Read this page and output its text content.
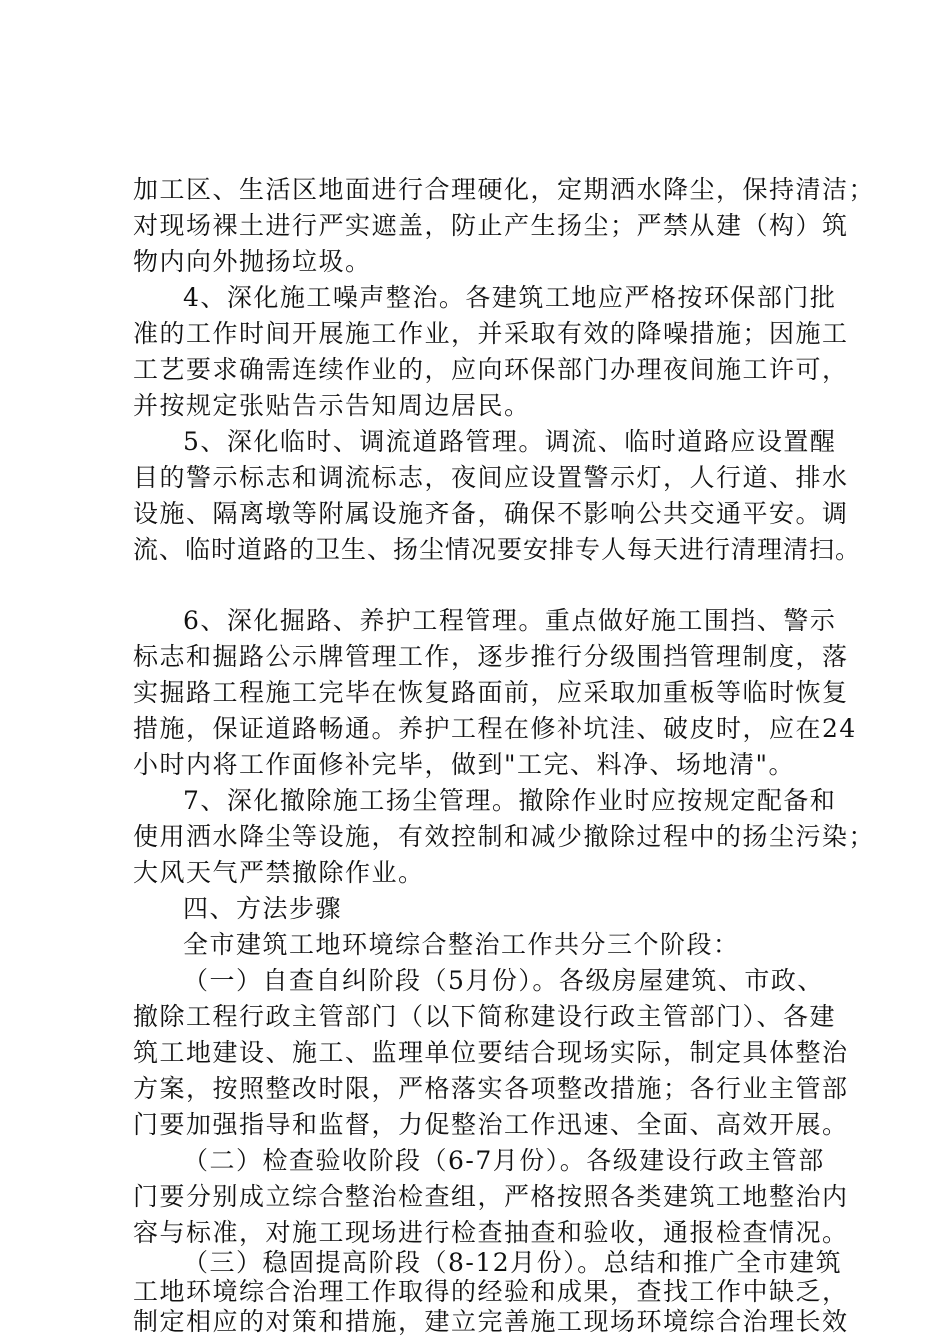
加工区、生活区地面进行合理硬化，定期洒水降尘，保持清洁；
对现场裸土进行严实遮盖，防止产生扬尘；严禁从建（构）筑
物内向外抛扬垃圾。
4、深化施工噪声整治。各建筑工地应严格按环保部门批
准的工作时间开展施工作业，并采取有效的降噪措施；因施工
工艺要求确需连续作业的，应向环保部门办理夜间施工许可，
并按规定张贴告示告知周边居民。
5、深化临时、调流道路管理。调流、临时道路应设置醒
目的警示标志和调流标志，夜间应设置警示灯，人行道、排水
设施、隔离墩等附属设施齐备，确保不影响公共交通平安。调
流、临时道路的卫生、扬尘情况要安排专人每天进行清理清扫。
6、深化掘路、养护工程管理。重点做好施工围挡、警示
标志和掘路公示牌管理工作，逐步推行分级围挡管理制度，落
实掘路工程施工完毕在恢复路面前，应采取加重板等临时恢复
措施，保证道路畅通。养护工程在修补坑洼、破皮时，应在24
小时内将工作面修补完毕，做到"工完、料净、场地清"。
7、深化撤除施工扬尘管理。撤除作业时应按规定配备和
使用洒水降尘等设施，有效控制和减少撤除过程中的扬尘污染；
大风天气严禁撤除作业。
四、方法步骤
全市建筑工地环境综合整治工作共分三个阶段：
（一）自查自纠阶段（5月份）。各级房屋建筑、市政、
撤除工程行政主管部门（以下简称建设行政主管部门）、各建
筑工地建设、施工、监理单位要结合现场实际，制定具体整治
方案，按照整改时限，严格落实各项整改措施；各行业主管部
门要加强指导和监督，力促整治工作迅速、全面、高效开展。
（二）检查验收阶段（6-7月份）。各级建设行政主管部
门要分别成立综合整治检查组，严格按照各类建筑工地整治内
容与标准，对施工现场进行检查抽查和验收，通报检查情况。
（三）稳固提高阶段（8-12月份）。总结和推广全市建筑
工地环境综合治理工作取得的经验和成果，查找工作中缺乏，
制定相应的对策和措施，建立完善施工现场环境综合治理长效
